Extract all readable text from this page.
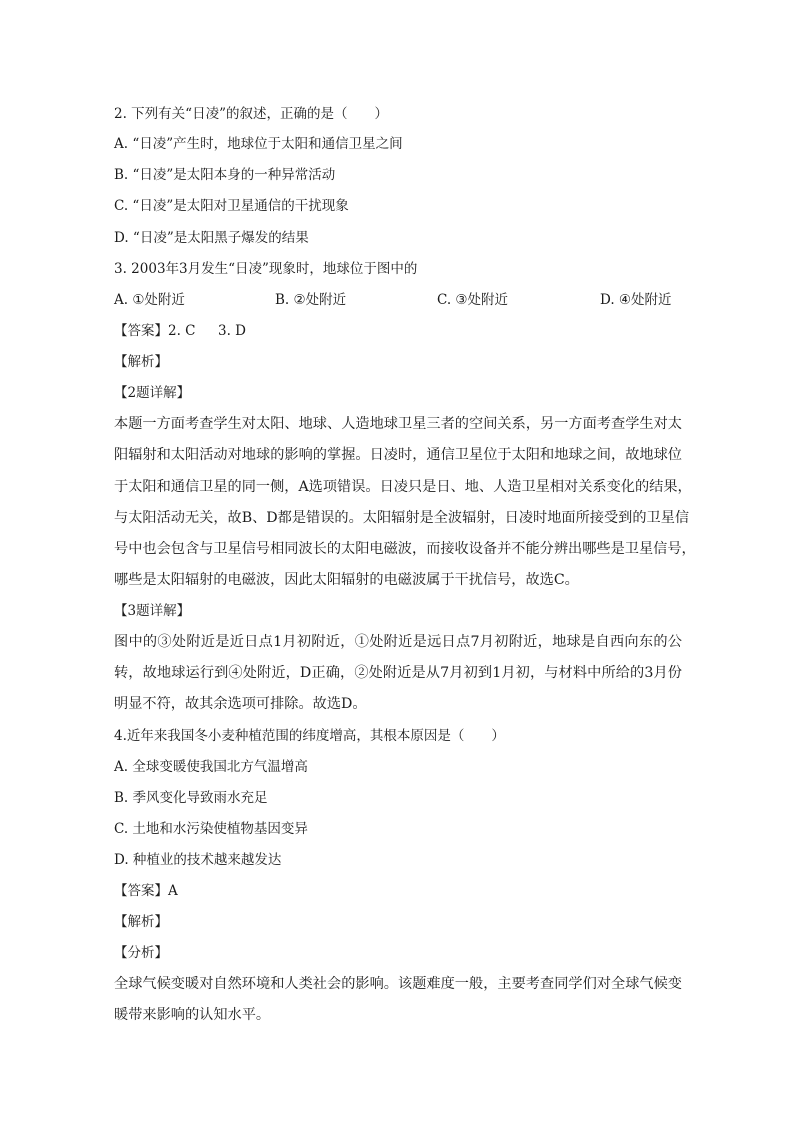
2. 下列有关“日凌”的叙述，正确的是（　　）
A. “日凌”产生时，地球位于太阳和通信卫星之间
B. “日凌”是太阳本身的一种异常活动
C. “日凌”是太阳对卫星通信的干扰现象
D. “日凌”是太阳黑子爆发的结果
3. 2003年3月发生“日凌”现象时，地球位于图中的
A. ①处附近	B. ②处附近	C. ③处附近	D. ④处附近
【答案】 2. C 3. D
【解析】
【2题详解】
本题一方面考查学生对太阳、地球、人造地球卫星三者的空间关系，另一方面考查学生对太
阳辐射和太阳活动对地球的影响的掌握。日凌时，通信卫星位于太阳和地球之间，故地球位
于太阳和通信卫星的同一侧，A选项错误。日凌只是日、地、人造卫星相对关系变化的结果，
与太阳活动无关，故B、D都是错误的。太阳辐射是全波辐射，日凌时地面所接受到的卫星信
号中也会包含与卫星信号相同波长的太阳电磁波，而接收设备并不能分辨出哪些是卫星信号，
哪些是太阳辐射的电磁波，因此太阳辐射的电磁波属于干扰信号，故选C。
【3题详解】
图中的③处附近是近日点1月初附近，①处附近是远日点7月初附近，地球是自西向东的公
转，故地球运行到④处附近，D正确，②处附近是从7月初到1月初，与材料中所给的3月份
明显不符，故其余选项可排除。故选D。
4.近年来我国冬小麦种植范围的纬度增高，其根本原因是（　　）
A. 全球变暖使我国北方气温增高
B. 季风变化导致雨水充足
C. 土地和水污染使植物基因变异
D. 种植业的技术越来越发达
【答案】 A
【解析】
【分析】
全球气候变暖对自然环境和人类社会的影响。该题难度一般，主要考查同学们对全球气候变
暖带来影响的认知水平。
